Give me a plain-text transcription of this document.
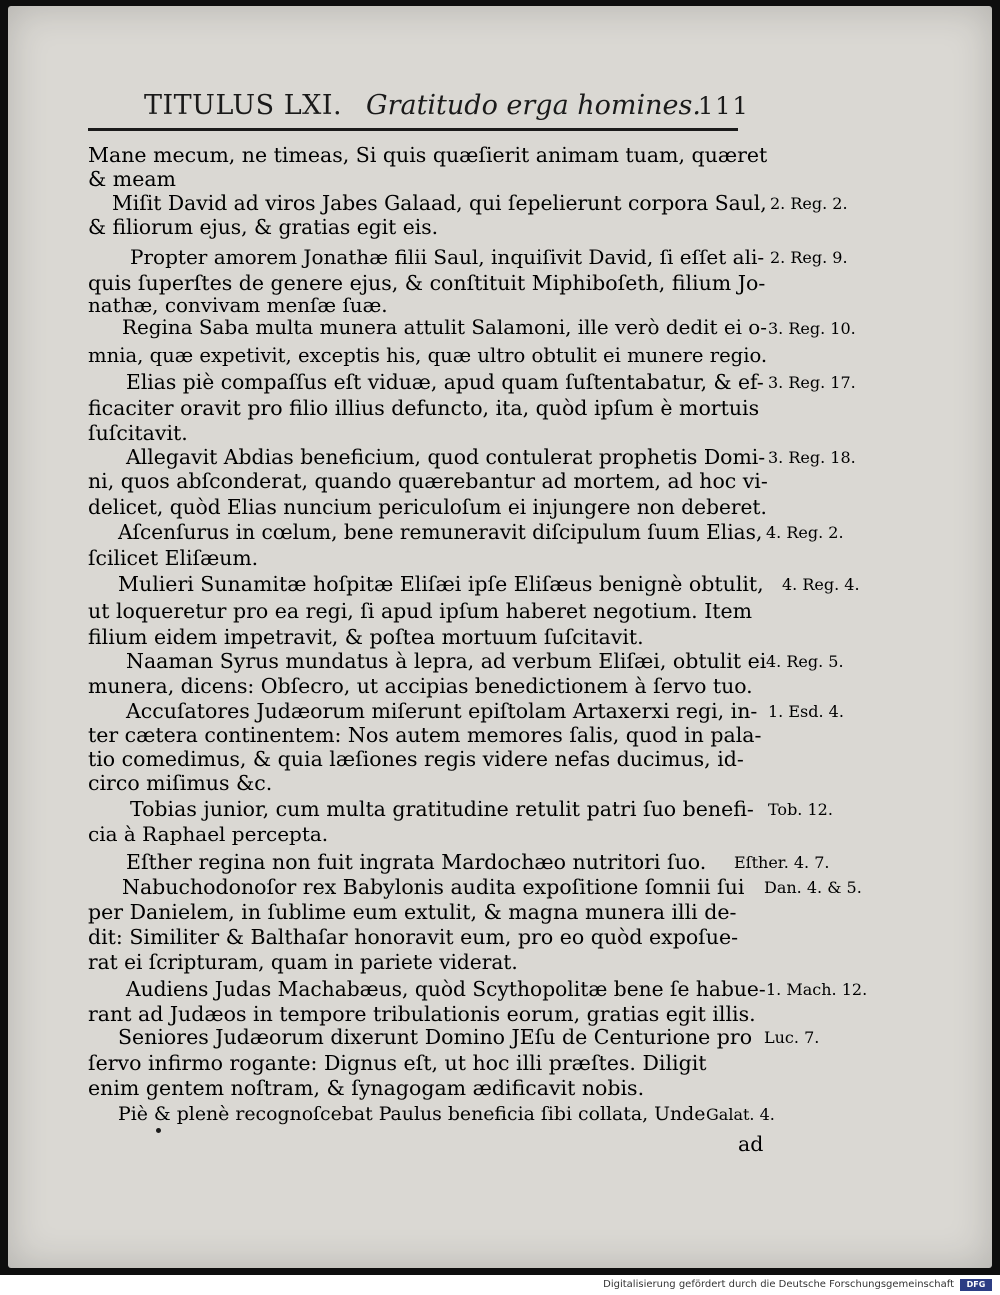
TITULUS LXI. Gratitudo erga homines.
111
Mane mecum, ne timeas, Si quis quæſierit animam tuam, quæret
& meam
Miſit David ad viros Jabes Galaad, qui ſepelierunt corpora Saul, 2. Reg. 2.
& filiorum ejus, & gratias egit eis.
Propter amorem Jonathæ filii Saul, inquiſivit David, ſi eſſet ali- 2. Reg. 9.
quis ſuperſtes de genere ejus, & conſtituit Miphiboſeth, filium Jo-
nathæ, convivam menſæ ſuæ.
Regina Saba multa munera attulit Salamoni, ille verò dedit ei o- 3. Reg. 10.
mnia, quæ expetivit, exceptis his, quæ ultro obtulit ei munere regio.
Elias piè compaſſus eſt viduæ, apud quam ſuſtentabatur, & ef- 3. Reg. 17.
ficaciter oravit pro filio illius defuncto, ita, quòd ipſum è mortuis
ſuſcitavit.
Allegavit Abdias beneficium, quod contulerat prophetis Domi- 3. Reg. 18.
ni, quos abſconderat, quando quærebantur ad mortem, ad hoc vi-
delicet, quòd Elias nuncium periculoſum ei injungere non deberet.
Aſcenſurus in cœlum, bene remuneravit diſcipulum ſuum Elias, 4. Reg. 2.
ſcilicet Eliſæum.
Mulieri Sunamitæ hoſpitæ Eliſæi ipſe Eliſæus benignè obtulit, 4. Reg. 4.
ut loqueretur pro ea regi, ſi apud ipſum haberet negotium. Item
filium eidem impetravit, & poſtea mortuum ſuſcitavit.
Naaman Syrus mundatus à lepra, ad verbum Eliſæi, obtulit ei 4. Reg. 5.
munera, dicens: Obſecro, ut accipias benedictionem à ſervo tuo.
Accuſatores Judæorum miſerunt epiſtolam Artaxerxi regi, in- 1. Esd. 4.
ter cætera continentem: Nos autem memores ſalis, quod in pala-
tio comedimus, & quia læſiones regis videre nefas ducimus, id-
circo miſimus &c.
Tobias junior, cum multa gratitudine retulit patri ſuo benefi- Tob. 12.
cia à Raphael percepta.
Eſther regina non fuit ingrata Mardochæo nutritori ſuo. Eſther. 4. 7.
Nabuchodonoſor rex Babylonis audita expoſitione ſomnii ſui Dan. 4. & 5.
per Danielem, in ſublime eum extulit, & magna munera illi de-
dit: Similiter & Balthaſar honoravit eum, pro eo quòd expoſue-
rat ei ſcripturam, quam in pariete viderat.
Audiens Judas Machabæus, quòd Scythopolitæ bene ſe habue- 1. Mach. 12.
rant ad Judæos in tempore tribulationis eorum, gratias egit illis.
Seniores Judæorum dixerunt Domino JEſu de Centurione pro Luc. 7.
ſervo infirmo rogante: Dignus eſt, ut hoc illi præſtes. Diligit
enim gentem noſtram, & ſynagogam ædificavit nobis.
Piè & plenè recognoſcebat Paulus beneficia ſibi collata, Unde Galat. 4.
ad
Digitalisierung gefördert durch die Deutsche Forschungsgemeinschaft	DFG
